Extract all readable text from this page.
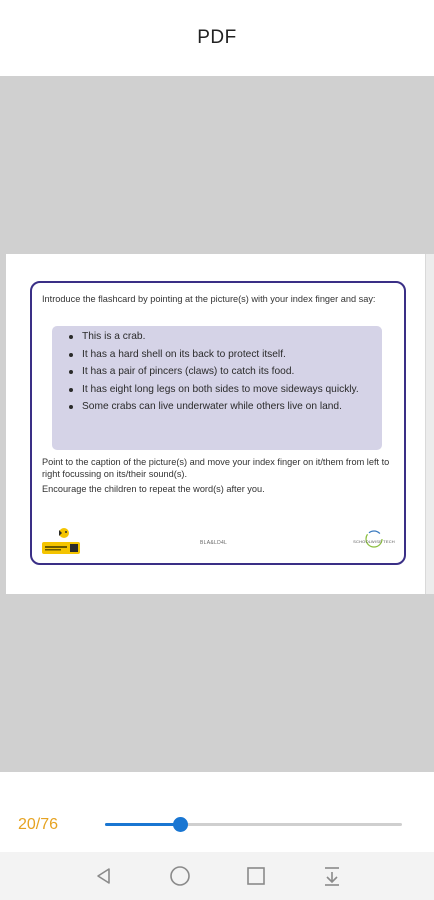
PDF
Introduce the flashcard by pointing at the picture(s) with your index finger and say:
This is a crab.
It has a hard shell on its back to protect itself.
It has a pair of pincers (claws) to catch its food.
It has eight long legs on both sides to move sideways quickly.
Some crabs can live underwater while others live on land.

Point to the caption of the picture(s) and move your index finger on it/them from left to right focussing on its/their sound(s).

Encourage the children to repeat the word(s) after you.

BLA&LD4L	SCHOOLWISE TECH
20/76
